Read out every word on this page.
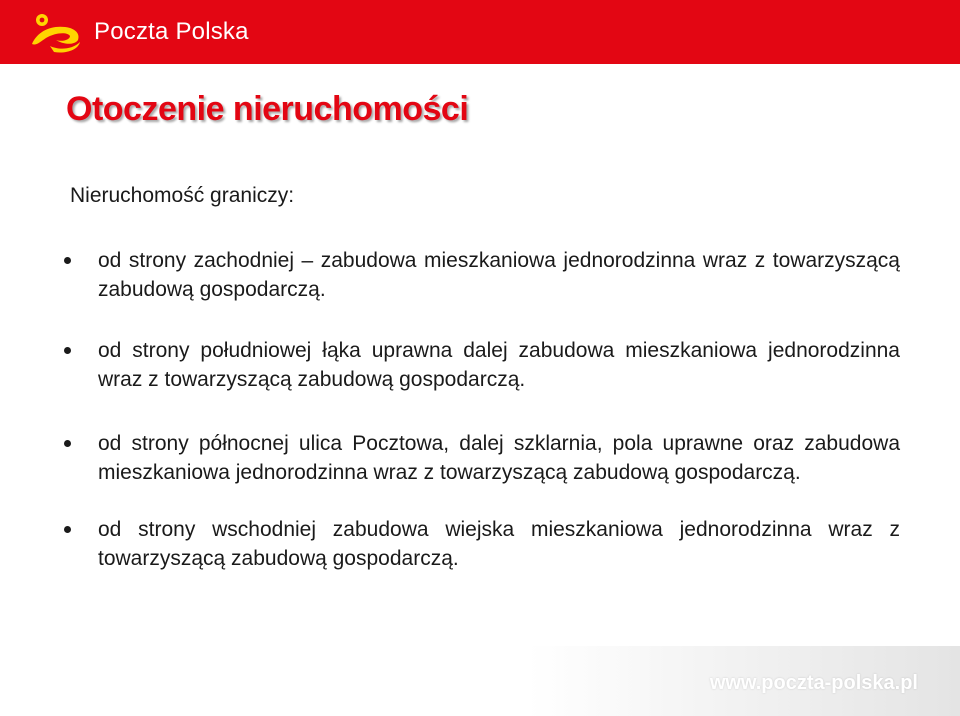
Poczta Polska
Otoczenie nieruchomości
Nieruchomość graniczy:
od strony zachodniej – zabudowa mieszkaniowa jednorodzinna wraz z towarzyszącą zabudową gospodarczą.
od strony południowej łąka uprawna dalej zabudowa mieszkaniowa jednorodzinna wraz z towarzyszącą zabudową gospodarczą.
od strony północnej ulica Pocztowa, dalej szklarnia, pola uprawne oraz zabudowa mieszkaniowa jednorodzinna wraz z towarzyszącą zabudową gospodarczą.
od strony wschodniej zabudowa wiejska mieszkaniowa jednorodzinna wraz z towarzyszącą zabudową gospodarczą.
www.poczta-polska.pl
